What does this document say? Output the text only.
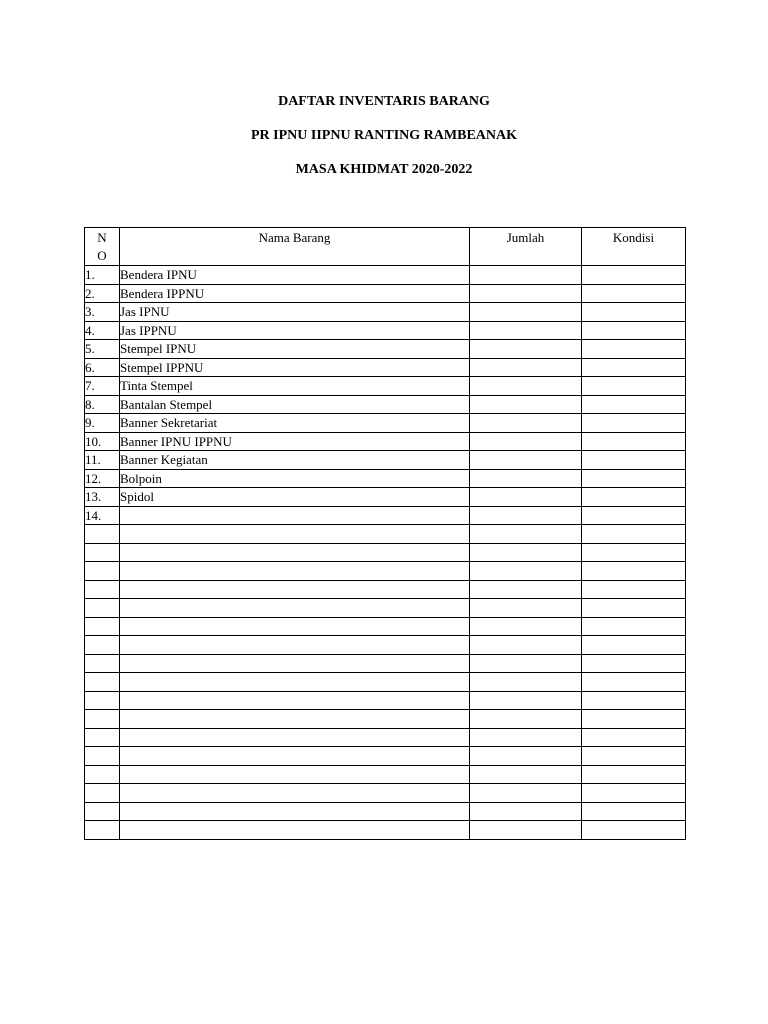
DAFTAR INVENTARIS BARANG
PR IPNU IIPNU RANTING RAMBEANAK
MASA KHIDMAT 2020-2022
N
O	Nama Barang	Jumlah	Kondisi
1.	Bendera IPNU		
2.	Bendera IPPNU		
3.	Jas IPNU		
4.	Jas IPPNU		
5.	Stempel IPNU		
6.	Stempel IPPNU		
7.	Tinta Stempel		
8.	Bantalan Stempel		
9.	Banner Sekretariat		
10.	Banner IPNU IPPNU		
11.	Banner Kegiatan		
12.	Bolpoin		
13.	Spidol		
14.			
